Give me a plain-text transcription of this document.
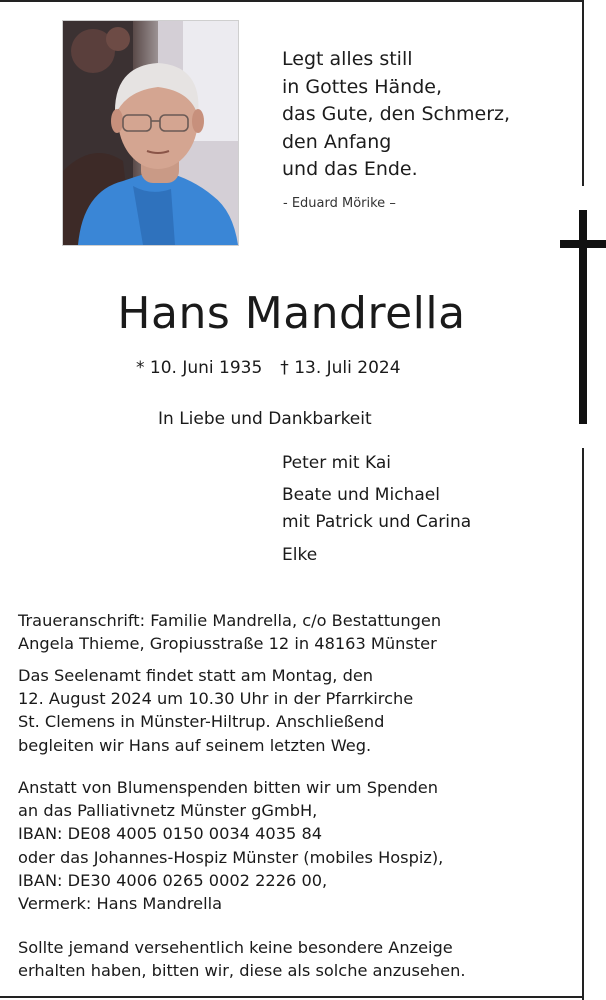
Legt alles still
in Gottes Hände,
das Gute, den Schmerz,
den Anfang
und das Ende.
- Eduard Mörike –
Hans Mandrella
* 10. Juni 1935 † 13. Juli 2024
In Liebe und Dankbarkeit
Peter mit Kai
Beate und Michael
mit Patrick und Carina
Elke
Traueranschrift: Familie Mandrella, c/o Bestattungen
Angela Thieme, Gropiusstraße 12 in 48163 Münster
Das Seelenamt findet statt am Montag, den
12. August 2024 um 10.30 Uhr in der Pfarrkirche
St. Clemens in Münster-Hiltrup. Anschließend
begleiten wir Hans auf seinem letzten Weg.
Anstatt von Blumenspenden bitten wir um Spenden
an das Palliativnetz Münster gGmbH,
IBAN: DE08 4005 0150 0034 4035 84
oder das Johannes-Hospiz Münster (mobiles Hospiz),
IBAN: DE30 4006 0265 0002 2226 00,
Vermerk: Hans Mandrella
Sollte jemand versehentlich keine besondere Anzeige
erhalten haben, bitten wir, diese als solche anzusehen.
